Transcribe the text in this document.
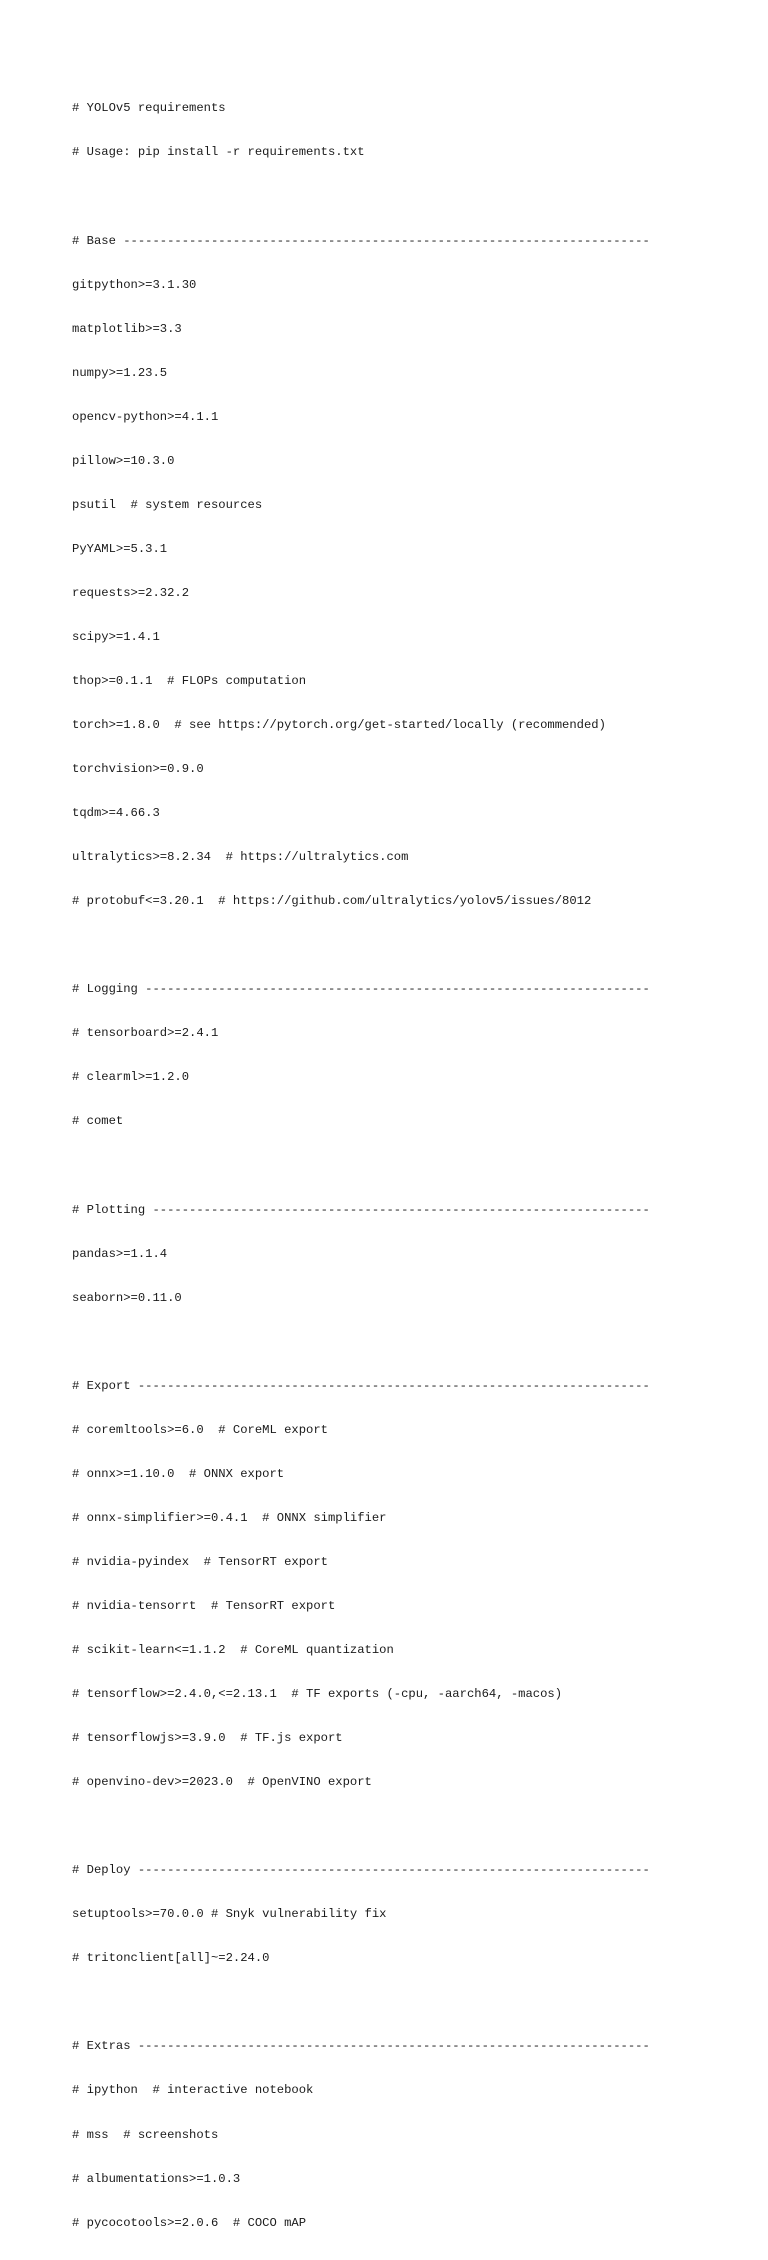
# YOLOv5 requirements

# Usage: pip install -r requirements.txt

# Base ------------------------------------------------------------------------

gitpython>=3.1.30

matplotlib>=3.3

numpy>=1.23.5

opencv-python>=4.1.1

pillow>=10.3.0

psutil  # system resources

PyYAML>=5.3.1

requests>=2.32.2

scipy>=1.4.1

thop>=0.1.1  # FLOPs computation

torch>=1.8.0  # see https://pytorch.org/get-started/locally (recommended)

torchvision>=0.9.0

tqdm>=4.66.3

ultralytics>=8.2.34  # https://ultralytics.com

# protobuf<=3.20.1  # https://github.com/ultralytics/yolov5/issues/8012

# Logging ---------------------------------------------------------------------

# tensorboard>=2.4.1

# clearml>=1.2.0

# comet

# Plotting --------------------------------------------------------------------

pandas>=1.1.4

seaborn>=0.11.0

# Export ----------------------------------------------------------------------

# coremltools>=6.0  # CoreML export

# onnx>=1.10.0  # ONNX export

# onnx-simplifier>=0.4.1  # ONNX simplifier

# nvidia-pyindex  # TensorRT export

# nvidia-tensorrt  # TensorRT export

# scikit-learn<=1.1.2  # CoreML quantization

# tensorflow>=2.4.0,<=2.13.1  # TF exports (-cpu, -aarch64, -macos)

# tensorflowjs>=3.9.0  # TF.js export

# openvino-dev>=2023.0  # OpenVINO export

# Deploy ----------------------------------------------------------------------

setuptools>=70.0.0 # Snyk vulnerability fix

# tritonclient[all]~=2.24.0

# Extras ----------------------------------------------------------------------

# ipython  # interactive notebook

# mss  # screenshots

# albumentations>=1.0.3

# pycocotools>=2.0.6  # COCO mAP
